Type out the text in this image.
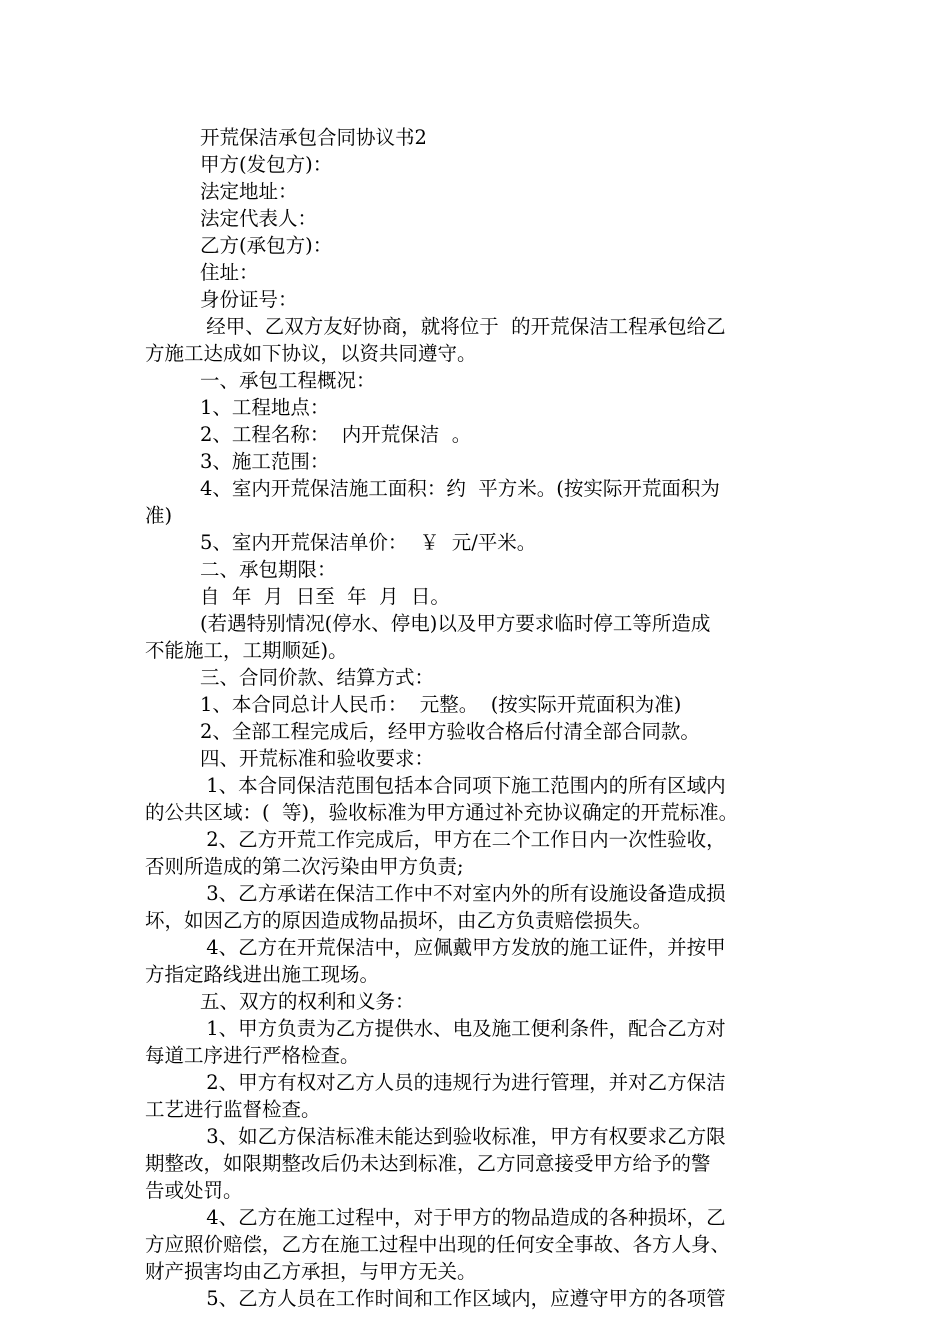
开荒保洁承包合同协议书2
甲方(发包方)：
法定地址：
法定代表人：
乙方(承包方)：
住址：
身份证号：
经甲、乙双方友好协商，就将位于  的开荒保洁工程承包给乙
方施工达成如下协议，以资共同遵守。
一、承包工程概况：
1、工程地点：
2、工程名称：  内开荒保洁  。
3、施工范围：
4、室内开荒保洁施工面积：约  平方米。(按实际开荒面积为
准)
5、室内开荒保洁单价：  ￥  元/平米。
二、承包期限：
自  年  月  日至  年  月  日。
(若遇特别情况(停水、停电)以及甲方要求临时停工等所造成
不能施工，工期顺延)。
三、合同价款、结算方式：
1、本合同总计人民币：  元整。  (按实际开荒面积为准)
2、全部工程完成后，经甲方验收合格后付清全部合同款。
四、开荒标准和验收要求：
1、本合同保洁范围包括本合同项下施工范围内的所有区域内
的公共区域：(  等)，验收标准为甲方通过补充协议确定的开荒标准。
2、乙方开荒工作完成后，甲方在二个工作日内一次性验收，
否则所造成的第二次污染由甲方负责;
3、乙方承诺在保洁工作中不对室内外的所有设施设备造成损
坏，如因乙方的原因造成物品损坏，由乙方负责赔偿损失。
4、乙方在开荒保洁中，应佩戴甲方发放的施工证件，并按甲
方指定路线进出施工现场。
五、双方的权利和义务：
1、甲方负责为乙方提供水、电及施工便利条件，配合乙方对
每道工序进行严格检查。
2、甲方有权对乙方人员的违规行为进行管理，并对乙方保洁
工艺进行监督检查。
3、如乙方保洁标准未能达到验收标准，甲方有权要求乙方限
期整改，如限期整改后仍未达到标准，乙方同意接受甲方给予的警
告或处罚。
4、乙方在施工过程中，对于甲方的物品造成的各种损坏，乙
方应照价赔偿，乙方在施工过程中出现的任何安全事故、各方人身、
财产损害均由乙方承担，与甲方无关。
5、乙方人员在工作时间和工作区域内，应遵守甲方的各项管
